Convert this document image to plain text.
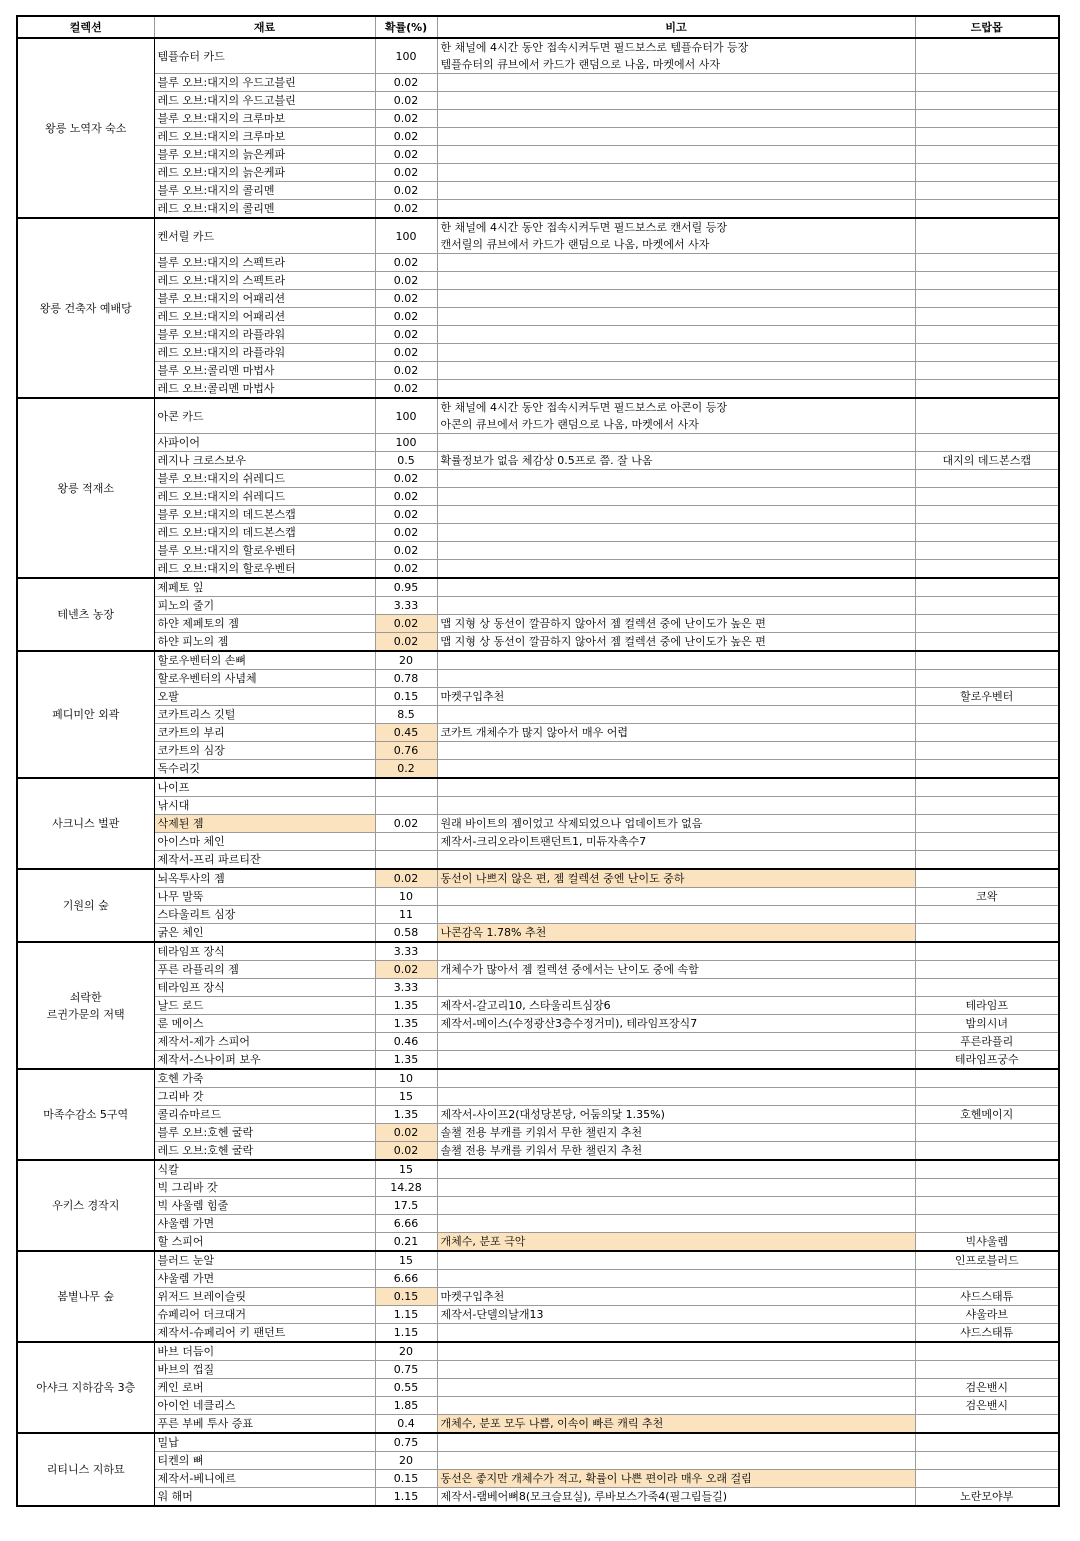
컬렉션	재료	확률(%)	비고	드랍몹
왕릉 노역자 숙소	템플슈터 카드	100	한 채널에 4시간 동안 접속시켜두면 필드보스로 템플슈터가 등장
템플슈터의 큐브에서 카드가 랜덤으로 나옴, 마켓에서 사자	

	블루 오브:대지의 우드고블린	0.02		
	레드 오브:대지의 우드고블린	0.02		
	블루 오브:대지의 크루마보	0.02		
	레드 오브:대지의 크루마보	0.02		
	블루 오브:대지의 늙은케파	0.02		
	레드 오브:대지의 늙은케파	0.02		
	블루 오브:대지의 콜리멘	0.02		
	레드 오브:대지의 콜리멘	0.02		
왕릉 건축자 예배당	켄서릴 카드	100	한 채널에 4시간 동안 접속시켜두면 필드보스로 캔서릴 등장
캔서릴의 큐브에서 카드가 랜덤으로 나옴, 마켓에서 사자	

	블루 오브:대지의 스펙트라	0.02		
	레드 오브:대지의 스펙트라	0.02		
	블루 오브:대지의 어패리션	0.02		
	레드 오브:대지의 어패리션	0.02		
	블루 오브:대지의 라플라워	0.02		
	레드 오브:대지의 라플라워	0.02		
	블루 오브:콜리멘 마법사	0.02		
	레드 오브:콜리멘 마법사	0.02		
왕릉 적재소	아콘 카드	100	한 채널에 4시간 동안 접속시켜두면 필드보스로 아콘이 등장
아콘의 큐브에서 카드가 랜덤으로 나옴, 마켓에서 사자	

	사파이어	100		
	레지나 크로스보우	0.5	확률정보가 없음 체감상 0.5프로 쯤. 잘 나옴	대지의 데드본스캡
	블루 오브:대지의 쉬레디드	0.02		
	레드 오브:대지의 쉬레디드	0.02		
	블루 오브:대지의 데드본스캡	0.02		
	레드 오브:대지의 데드본스캡	0.02		
	블루 오브:대지의 할로우벤터	0.02		
	레드 오브:대지의 할로우벤터	0.02		
테넨츠 농장	제페토 잎	0.95		
	피노의 줄기	3.33		
	하얀 제페토의 젬	0.02	맵 지형 상 동선이 깔끔하지 않아서 젬 컬렉션 중에 난이도가 높은 편	
	하얀 피노의 젬	0.02	맵 지형 상 동선이 깔끔하지 않아서 젬 컬렉션 중에 난이도가 높은 편	
페디미안 외곽	할로우벤터의 손뼈	20		
	할로우벤터의 사념체	0.78		
	오팔	0.15	마켓구입추천	할로우벤터
	코카트리스 깃털	8.5		
	코카트의 부리	0.45	코카트 개체수가 많지 않아서 매우 어렵	
	코카트의 심장	0.76		
	독수리깃	0.2		
사크니스 벌판	나이프			
	낚시대			
	삭제된 젬	0.02	원래 바이트의 젬이었고 삭제되었으나 업데이트가 없음	
	아이스마 체인		제작서-크리오라이트팬던트1, 미듀자촉수7	
	제작서-프리 파르티잔			
기원의 숲	뇌옥투사의 젬	0.02	동선이 나쁘지 않은 편, 젬 컬렉션 중엔 난이도 중하	
	나무 말뚝	10		코왁
	스타울리트 심장	11		
	굵은 체인	0.58	나콘감옥 1.78% 추천	
쇠락한
르귄가문의 저택	테라임프 장식	3.33		
	푸른 라플리의 젬	0.02	개체수가 많아서 젬 컬렉션 중에서는 난이도 중에 속함	
	테라임프 장식	3.33		
	날드 로드	1.35	제작서-갈고리10, 스타울리트심장6	테라임프
	룬 메이스	1.35	제작서-메이스(수정광산3층수정거미), 테라임프장식7	밤의시녀
	제작서-제가 스피어	0.46		푸른라플리
	제작서-스나이퍼 보우	1.35		테라임프궁수
마족수감소 5구역	호헨 가죽	10		
	그리바 갓	15		
	콜리슈마르드	1.35	제작서-사이프2(대성당본당, 어둠의닻 1.35%)	호헨메이지
	블루 오브:호헨 굴락	0.02	솔챌 전용 부캐를 키워서 무한 챌린지 추천	
	레드 오브:호헨 굴락	0.02	솔챌 전용 부캐를 키워서 무한 챌린지 추천	
우키스 경작지	식칼	15		
	빅 그리바 갓	14.28		
	빅 샤울렘 힘줄	17.5		
	샤울렘 가면	6.66		
	할 스피어	0.21	개체수, 분포 극악	빅샤울렘
봄볕나무 숲	블러드 눈알	15		인프로블러드
	샤울렘 가면	6.66		
	위저드 브레이슬릿	0.15	마켓구입추천	샤드스태튜
	슈페리어 더크대거	1.15	제작서-단델의날개13	샤울라브
	제작서-슈페리어 키 팬던트	1.15		샤드스태튜
아샤크 지하감옥 3층	바브 더듬이	20		
	바브의 껍질	0.75		
	케인 로버	0.55		검은밴시
	아이언 네클리스	1.85		검은밴시
	푸른 부베 투사 증표	0.4	개체수, 분포 모두 나쁨, 이속이 빠른 캐릭 추천	
리티니스 지하묘	밀납	0.75		
	티켄의 뼈	20		
	제작서-베니에르	0.15	동선은 좋지만 개체수가 적고, 확률이 나쁜 편이라 매우 오래 걸림	
	워 해머	1.15	제작서-램베어뼈8(모크슬묘실), 루바보스가죽4(필그림들길)	노란모야부
